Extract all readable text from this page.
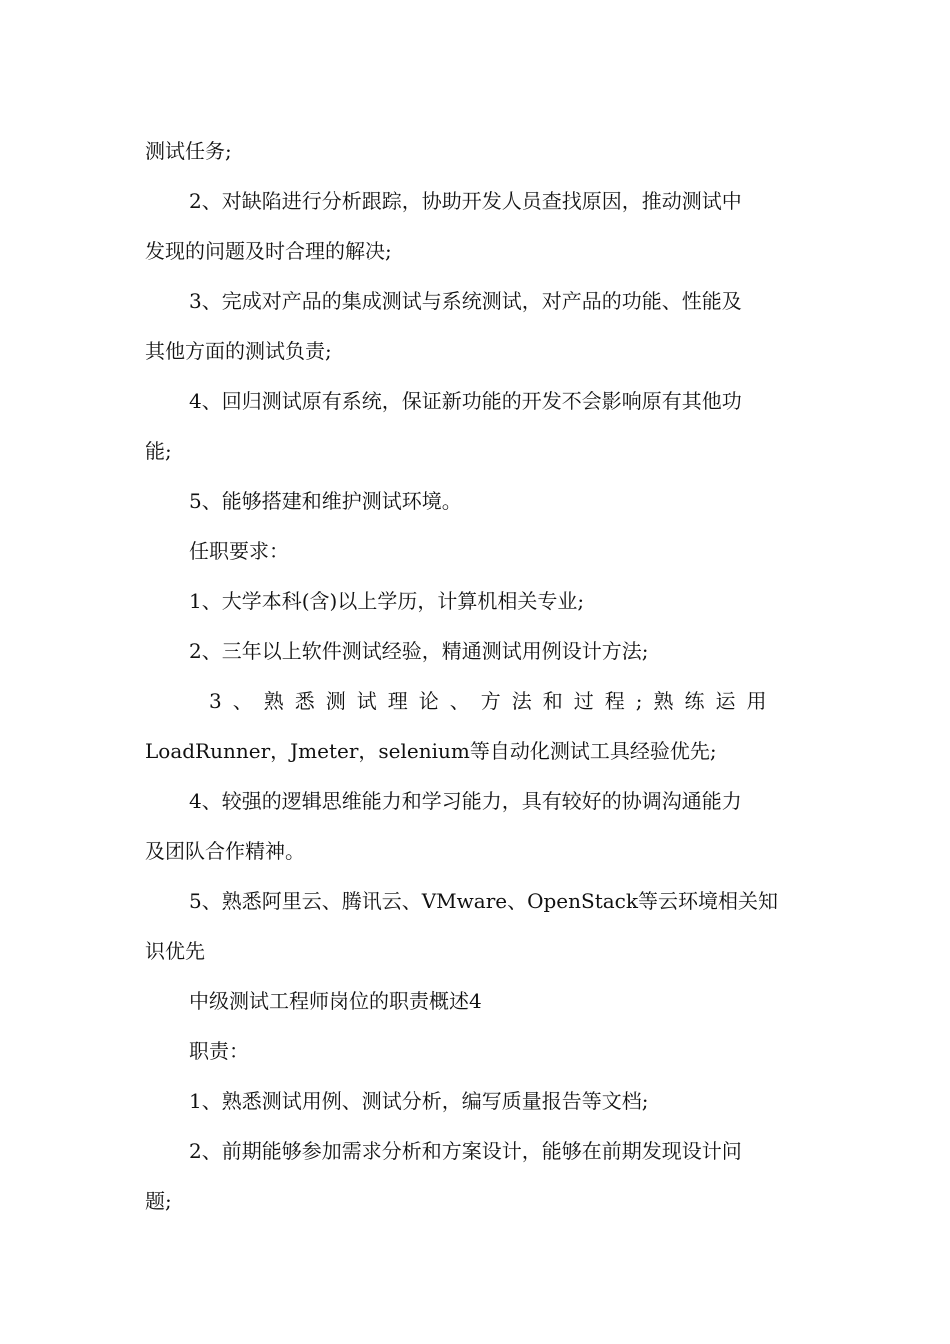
测试任务;

2、对缺陷进行分析跟踪，协助开发人员查找原因，推动测试中

发现的问题及时合理的解决;

3、完成对产品的集成测试与系统测试，对产品的功能、性能及

其他方面的测试负责;

4、回归测试原有系统，保证新功能的开发不会影响原有其他功

能;

5、能够搭建和维护测试环境。

任职要求：

1、大学本科(含)以上学历，计算机相关专业;

2、三年以上软件测试经验，精通测试用例设计方法;

3、熟悉测试理论、方法和过程;熟练运用

LoadRunner，Jmeter，selenium等自动化测试工具经验优先;

4、较强的逻辑思维能力和学习能力，具有较好的协调沟通能力

及团队合作精神。

5、熟悉阿里云、腾讯云、VMware、OpenStack等云环境相关知

识优先

中级测试工程师岗位的职责概述4

职责：

1、熟悉测试用例、测试分析，编写质量报告等文档;

2、前期能够参加需求分析和方案设计，能够在前期发现设计问

题;
